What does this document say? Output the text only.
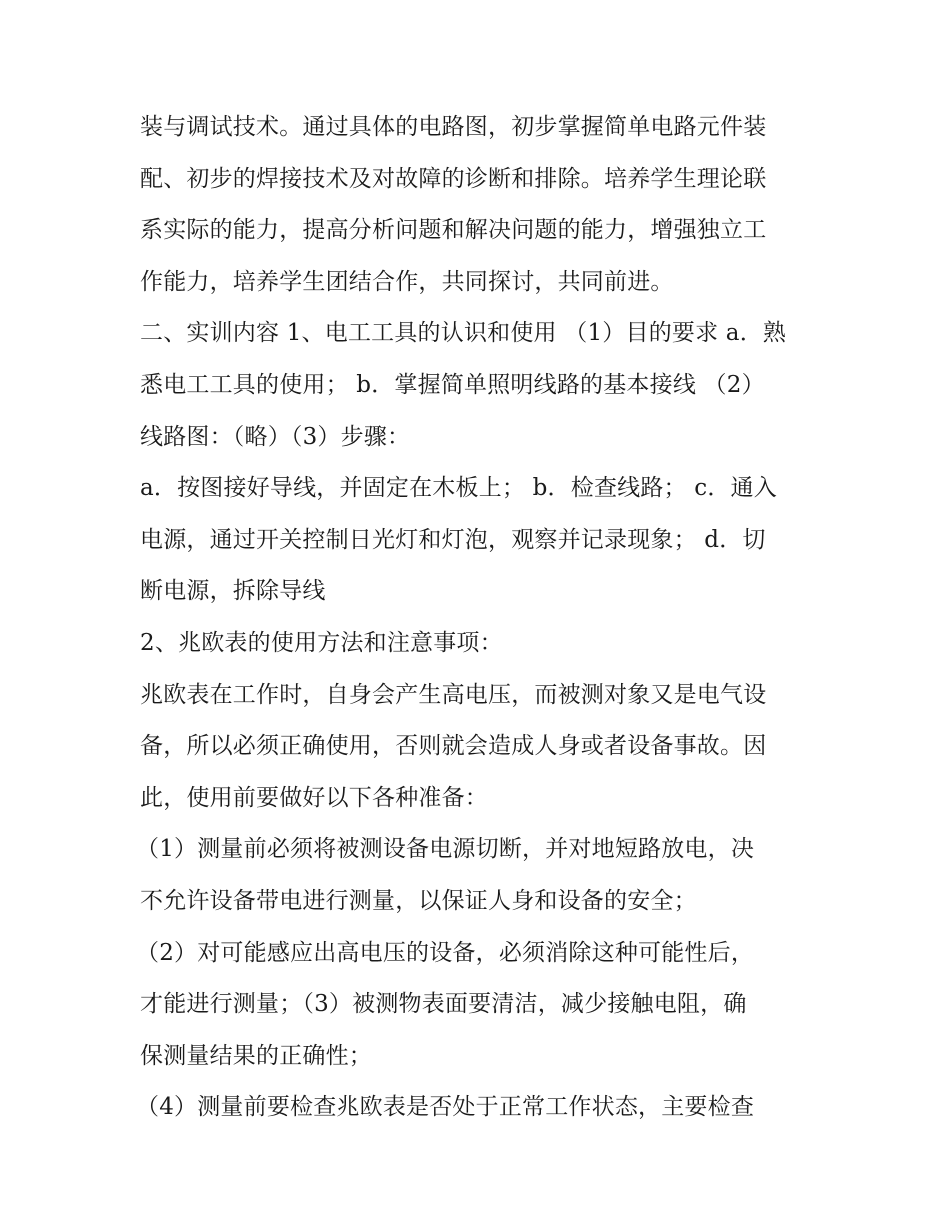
装与调试技术。通过具体的电路图，初步掌握简单电路元件装
配、初步的焊接技术及对故障的诊断和排除。培养学生理论联
系实际的能力，提高分析问题和解决问题的能力，增强独立工
作能力，培养学生团结合作，共同探讨，共同前进。
二、实训内容 1、电工工具的认识和使用 （1）目的要求 a．熟
悉电工工具的使用； b．掌握简单照明线路的基本接线 （2）
线路图：（略）（3）步骤：
a．按图接好导线，并固定在木板上； b．检查线路； c．通入
电源，通过开关控制日光灯和灯泡，观察并记录现象； d．切
断电源，拆除导线
2、兆欧表的使用方法和注意事项：
兆欧表在工作时，自身会产生高电压，而被测对象又是电气设
备，所以必须正确使用，否则就会造成人身或者设备事故。因
此，使用前要做好以下各种准备：
（1）测量前必须将被测设备电源切断，并对地短路放电，决
不允许设备带电进行测量，以保证人身和设备的安全；
（2）对可能感应出高电压的设备，必须消除这种可能性后，
才能进行测量；（3）被测物表面要清洁，减少接触电阻，确
保测量结果的正确性；
（4）测量前要检查兆欧表是否处于正常工作状态，主要检查
